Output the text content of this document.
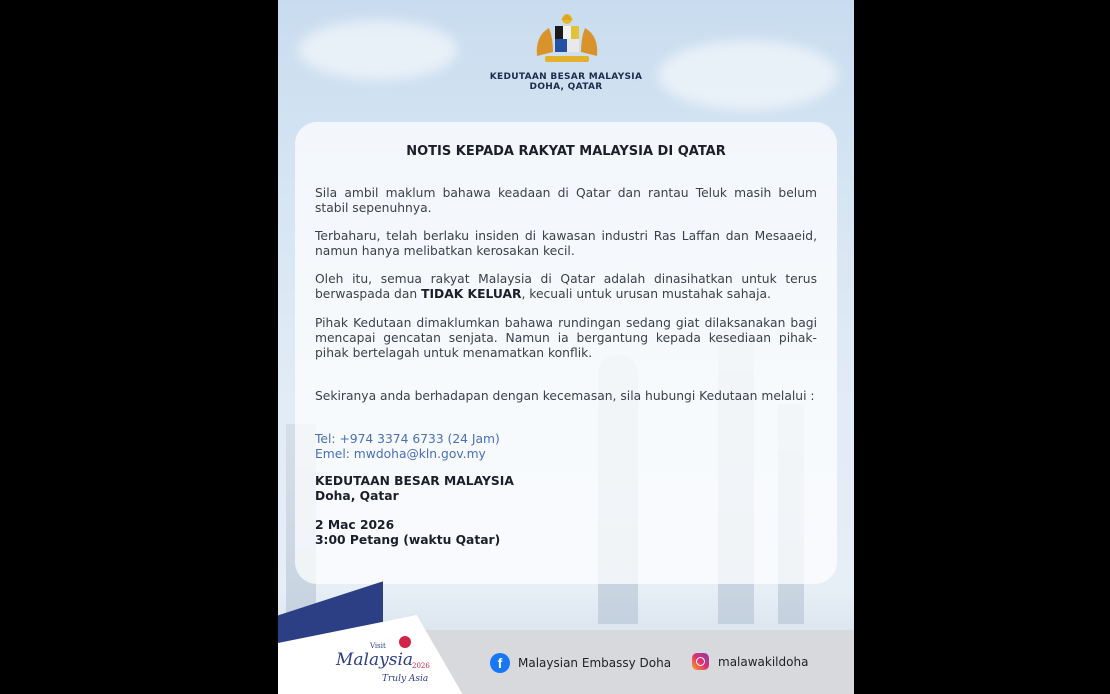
KEDUTAAN BESAR MALAYSIA
DOHA, QATAR
NOTIS KEPADA RAKYAT MALAYSIA DI QATAR
Sila ambil maklum bahawa keadaan di Qatar dan rantau Teluk masih belum stabil sepenuhnya.
Terbaharu, telah berlaku insiden di kawasan industri Ras Laffan dan Mesaaeid, namun hanya melibatkan kerosakan kecil.
Oleh itu, semua rakyat Malaysia di Qatar adalah dinasihatkan untuk terus berwaspada dan TIDAK KELUAR, kecuali untuk urusan mustahak sahaja.
Pihak Kedutaan dimaklumkan bahawa rundingan sedang giat dilaksanakan bagi mencapai gencatan senjata. Namun ia bergantung kepada kesediaan pihak-pihak bertelagah untuk menamatkan konflik.
Sekiranya anda berhadapan dengan kecemasan, sila hubungi Kedutaan melalui :
Tel: +974 3374 6733 (24 Jam)
Emel: mwdoha@kln.gov.my
KEDUTAAN BESAR MALAYSIA
Doha, Qatar
2 Mac 2026
3:00 Petang (waktu Qatar)
Visit
Malaysia
2026
Truly Asia
f	Malaysian Embassy Doha	malawakildoha
